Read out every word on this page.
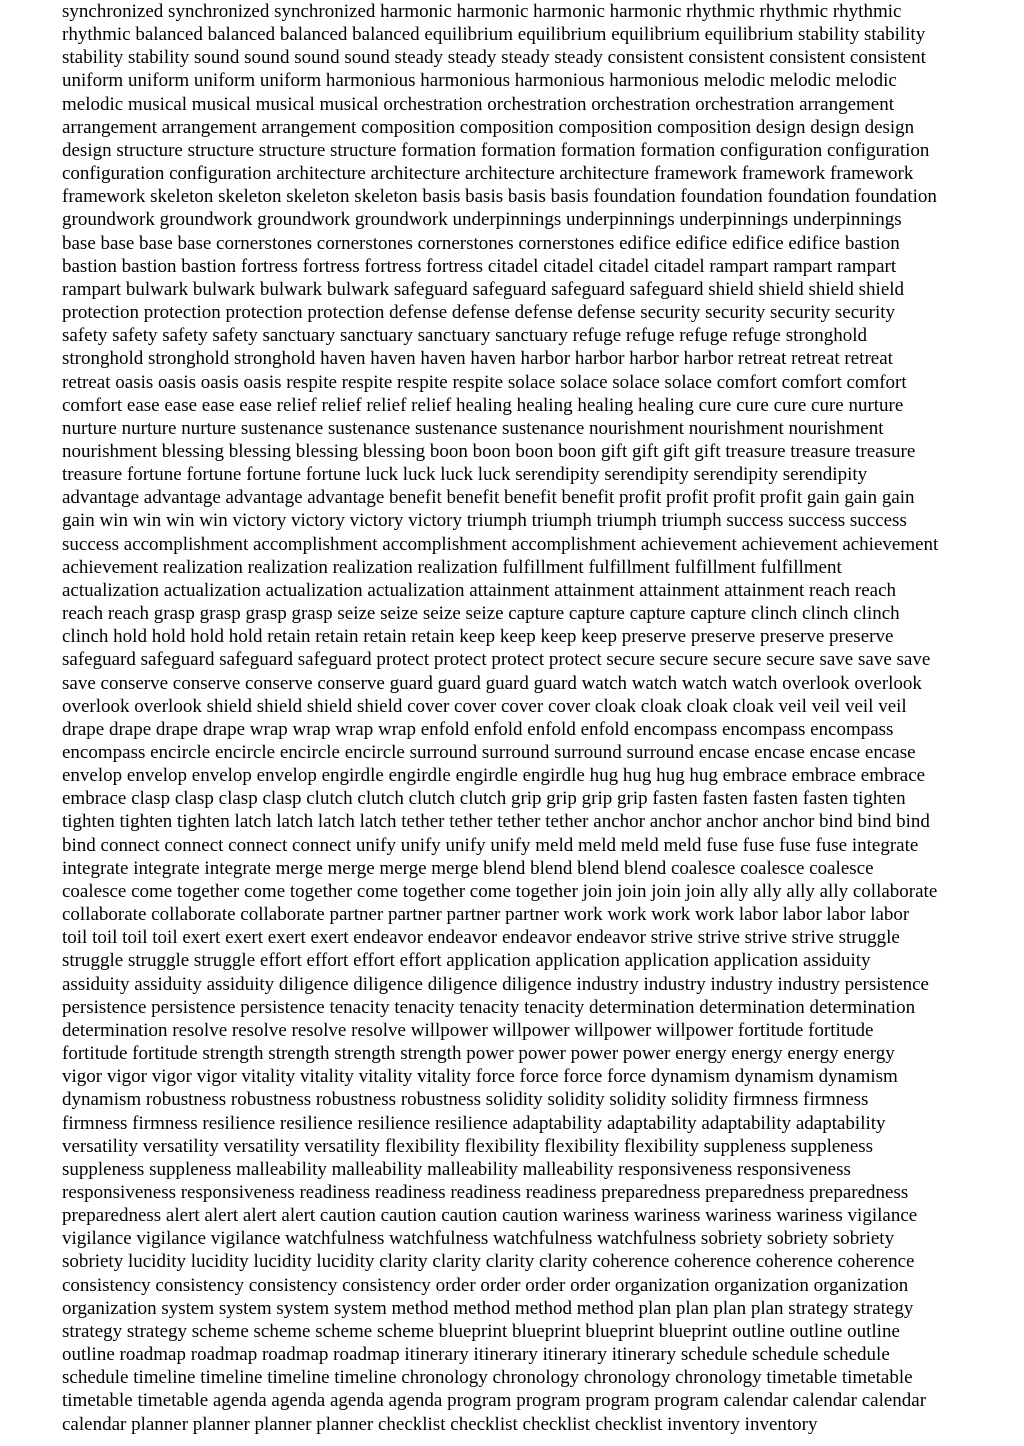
synchronized synchronized synchronized harmonic harmonic harmonic harmonic rhythmic rhythmic rhythmic

rhythmic balanced balanced balanced balanced equilibrium equilibrium equilibrium equilibrium stability stability

stability stability sound sound sound sound steady steady steady steady consistent consistent consistent consistent

uniform uniform uniform uniform harmonious harmonious harmonious harmonious melodic melodic melodic

melodic musical musical musical musical orchestration orchestration orchestration orchestration arrangement

arrangement arrangement arrangement composition composition composition composition design design design

design structure structure structure structure formation formation formation formation configuration configuration

configuration configuration architecture architecture architecture architecture framework framework framework

framework skeleton skeleton skeleton skeleton basis basis basis basis foundation foundation foundation foundation

groundwork groundwork groundwork groundwork underpinnings underpinnings underpinnings underpinnings

base base base base cornerstones cornerstones cornerstones cornerstones edifice edifice edifice edifice bastion

bastion bastion bastion fortress fortress fortress fortress citadel citadel citadel citadel rampart rampart rampart

rampart bulwark bulwark bulwark bulwark safeguard safeguard safeguard safeguard shield shield shield shield

protection protection protection protection defense defense defense defense security security security security

safety safety safety safety sanctuary sanctuary sanctuary sanctuary refuge refuge refuge refuge stronghold

stronghold stronghold stronghold haven haven haven haven harbor harbor harbor harbor retreat retreat retreat

retreat oasis oasis oasis oasis respite respite respite respite solace solace solace solace comfort comfort comfort

comfort ease ease ease ease relief relief relief relief healing healing healing healing cure cure cure cure nurture

nurture nurture nurture sustenance sustenance sustenance sustenance nourishment nourishment nourishment

nourishment blessing blessing blessing blessing boon boon boon boon gift gift gift gift treasure treasure treasure

treasure fortune fortune fortune fortune luck luck luck luck serendipity serendipity serendipity serendipity

advantage advantage advantage advantage benefit benefit benefit benefit profit profit profit profit gain gain gain

gain win win win win victory victory victory victory triumph triumph triumph triumph success success success

success accomplishment accomplishment accomplishment accomplishment achievement achievement achievement

achievement realization realization realization realization fulfillment fulfillment fulfillment fulfillment

actualization actualization actualization actualization attainment attainment attainment attainment reach reach

reach reach grasp grasp grasp grasp seize seize seize seize capture capture capture capture clinch clinch clinch

clinch hold hold hold hold retain retain retain retain keep keep keep keep preserve preserve preserve preserve

safeguard safeguard safeguard safeguard protect protect protect protect secure secure secure secure save save save

save conserve conserve conserve conserve guard guard guard guard watch watch watch watch overlook overlook

overlook overlook shield shield shield shield cover cover cover cover cloak cloak cloak cloak veil veil veil veil

drape drape drape drape wrap wrap wrap wrap enfold enfold enfold enfold encompass encompass encompass

encompass encircle encircle encircle encircle surround surround surround surround encase encase encase encase

envelop envelop envelop envelop engirdle engirdle engirdle engirdle hug hug hug hug embrace embrace embrace

embrace clasp clasp clasp clasp clutch clutch clutch clutch grip grip grip grip fasten fasten fasten fasten tighten

tighten tighten tighten latch latch latch latch tether tether tether tether anchor anchor anchor anchor bind bind bind

bind connect connect connect connect unify unify unify unify meld meld meld meld fuse fuse fuse fuse integrate

integrate integrate integrate merge merge merge merge blend blend blend blend coalesce coalesce coalesce

coalesce come together come together come together come together join join join join ally ally ally ally collaborate

collaborate collaborate collaborate partner partner partner partner work work work work labor labor labor labor

toil toil toil toil exert exert exert exert endeavor endeavor endeavor endeavor strive strive strive strive struggle

struggle struggle struggle effort effort effort effort application application application application assiduity

assiduity assiduity assiduity diligence diligence diligence diligence industry industry industry industry persistence

persistence persistence persistence tenacity tenacity tenacity tenacity determination determination determination

determination resolve resolve resolve resolve willpower willpower willpower willpower fortitude fortitude

fortitude fortitude strength strength strength strength power power power power energy energy energy energy

vigor vigor vigor vigor vitality vitality vitality vitality force force force force dynamism dynamism dynamism

dynamism robustness robustness robustness robustness solidity solidity solidity solidity firmness firmness

firmness firmness resilience resilience resilience resilience adaptability adaptability adaptability adaptability

versatility versatility versatility versatility flexibility flexibility flexibility flexibility suppleness suppleness

suppleness suppleness malleability malleability malleability malleability responsiveness responsiveness

responsiveness responsiveness readiness readiness readiness readiness preparedness preparedness preparedness

preparedness alert alert alert alert caution caution caution caution wariness wariness wariness wariness vigilance

vigilance vigilance vigilance watchfulness watchfulness watchfulness watchfulness sobriety sobriety sobriety

sobriety lucidity lucidity lucidity lucidity clarity clarity clarity clarity coherence coherence coherence coherence

consistency consistency consistency consistency order order order order organization organization organization

organization system system system system method method method method plan plan plan plan strategy strategy

strategy strategy scheme scheme scheme scheme blueprint blueprint blueprint blueprint outline outline outline

outline roadmap roadmap roadmap roadmap itinerary itinerary itinerary itinerary schedule schedule schedule

schedule timeline timeline timeline timeline chronology chronology chronology chronology timetable timetable

timetable timetable agenda agenda agenda agenda program program program program calendar calendar calendar

calendar planner planner planner planner checklist checklist checklist checklist inventory inventory
